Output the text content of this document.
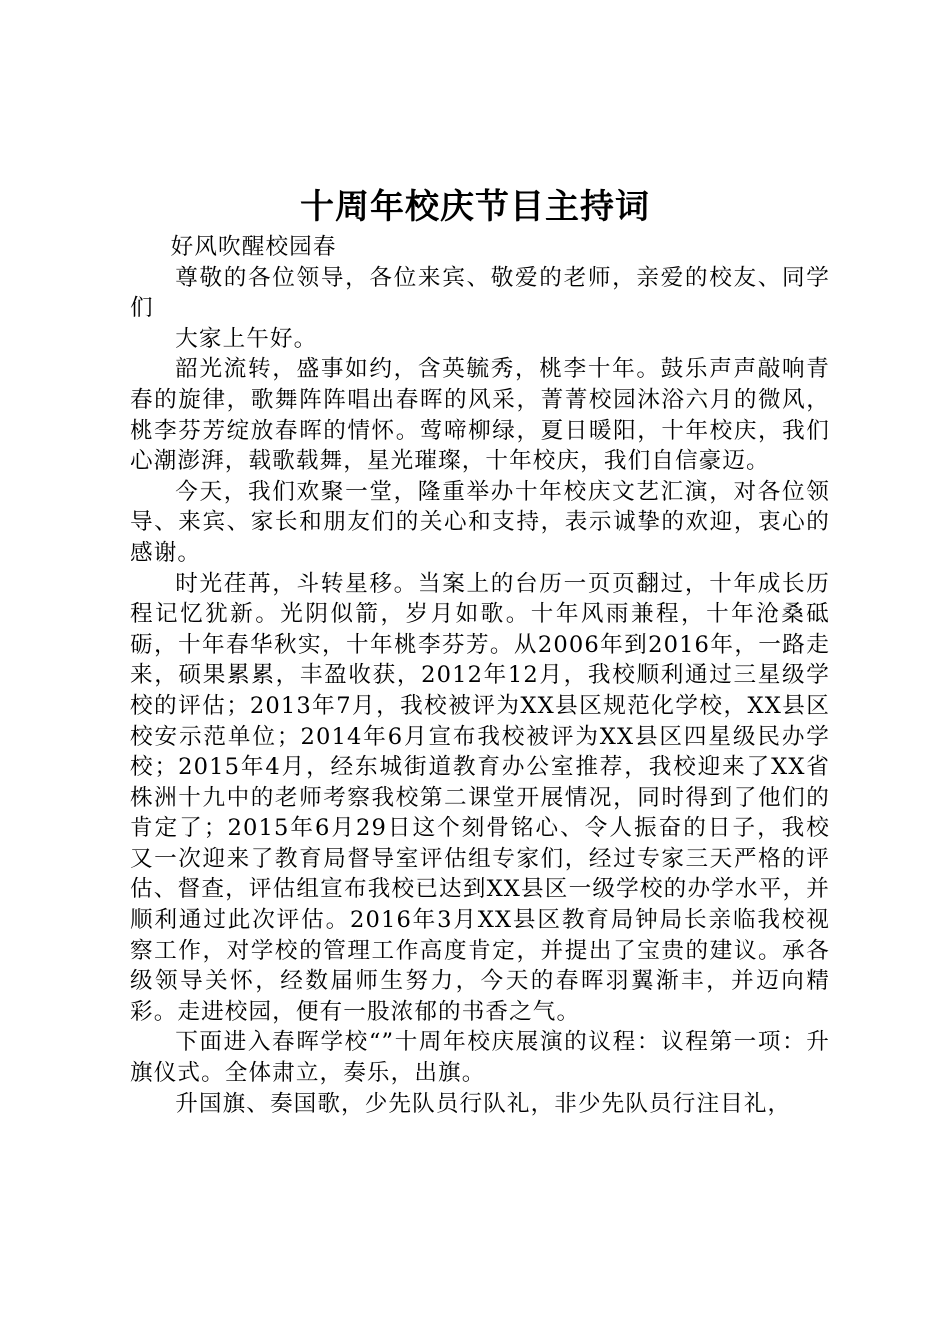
十周年校庆节目主持词

好风吹醒校园春

尊敬的各位领导，各位来宾、敬爱的老师，亲爱的校友、同学们

大家上午好。

韶光流转，盛事如约，含英毓秀，桃李十年。鼓乐声声敲响青春的旋律，歌舞阵阵唱出春晖的风采，菁菁校园沐浴六月的微风，桃李芬芳绽放春晖的情怀。莺啼柳绿，夏日暖阳，十年校庆，我们心潮澎湃，载歌载舞，星光璀璨，十年校庆，我们自信豪迈。

今天，我们欢聚一堂，隆重举办十年校庆文艺汇演，对各位领导、来宾、家长和朋友们的关心和支持，表示诚挚的欢迎，衷心的感谢。

时光荏苒，斗转星移。当案上的台历一页页翻过，十年成长历程记忆犹新。光阴似箭，岁月如歌。十年风雨兼程，十年沧桑砥砺，十年春华秋实，十年桃李芬芳。从2006年到2016年，一路走来，硕果累累，丰盈收获，2012年12月，我校顺利通过三星级学校的评估；2013年7月，我校被评为XX县区规范化学校，XX县区校安示范单位；2014年6月宣布我校被评为XX县区四星级民办学校；2015年4月，经东城街道教育办公室推荐，我校迎来了XX省株洲十九中的老师考察我校第二课堂开展情况，同时得到了他们的肯定了；2015年6月29日这个刻骨铭心、令人振奋的日子，我校又一次迎来了教育局督导室评估组专家们，经过专家三天严格的评估、督查，评估组宣布我校已达到XX县区一级学校的办学水平，并顺利通过此次评估。2016年3月XX县区教育局钟局长亲临我校视察工作，对学校的管理工作高度肯定，并提出了宝贵的建议。承各级领导关怀，经数届师生努力，今天的春晖羽翼渐丰，并迈向精彩。走进校园，便有一股浓郁的书香之气。

下面进入春晖学校“”十周年校庆展演的议程：议程第一项：升旗仪式。全体肃立，奏乐，出旗。

升国旗、奏国歌，少先队员行队礼，非少先队员行注目礼，
